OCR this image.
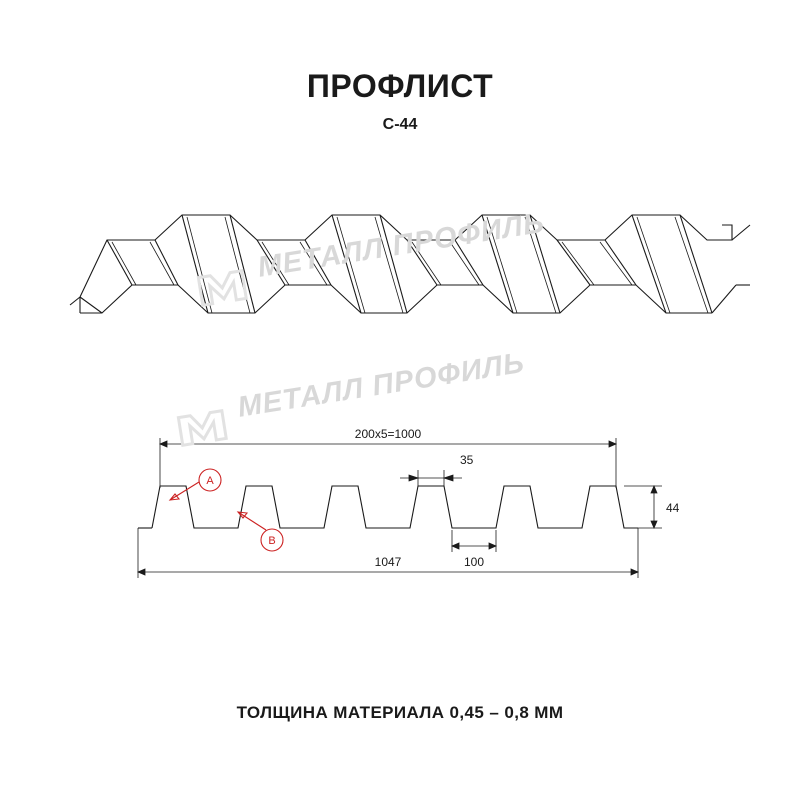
ПРОФЛИСТ
С-44
200х5=1000
35
100
1047
44
A
B
МЕТАЛЛ ПРОФИЛЬ
МЕТАЛЛ ПРОФИЛЬ
ТОЛЩИНА МАТЕРИАЛА 0,45 – 0,8 ММ
